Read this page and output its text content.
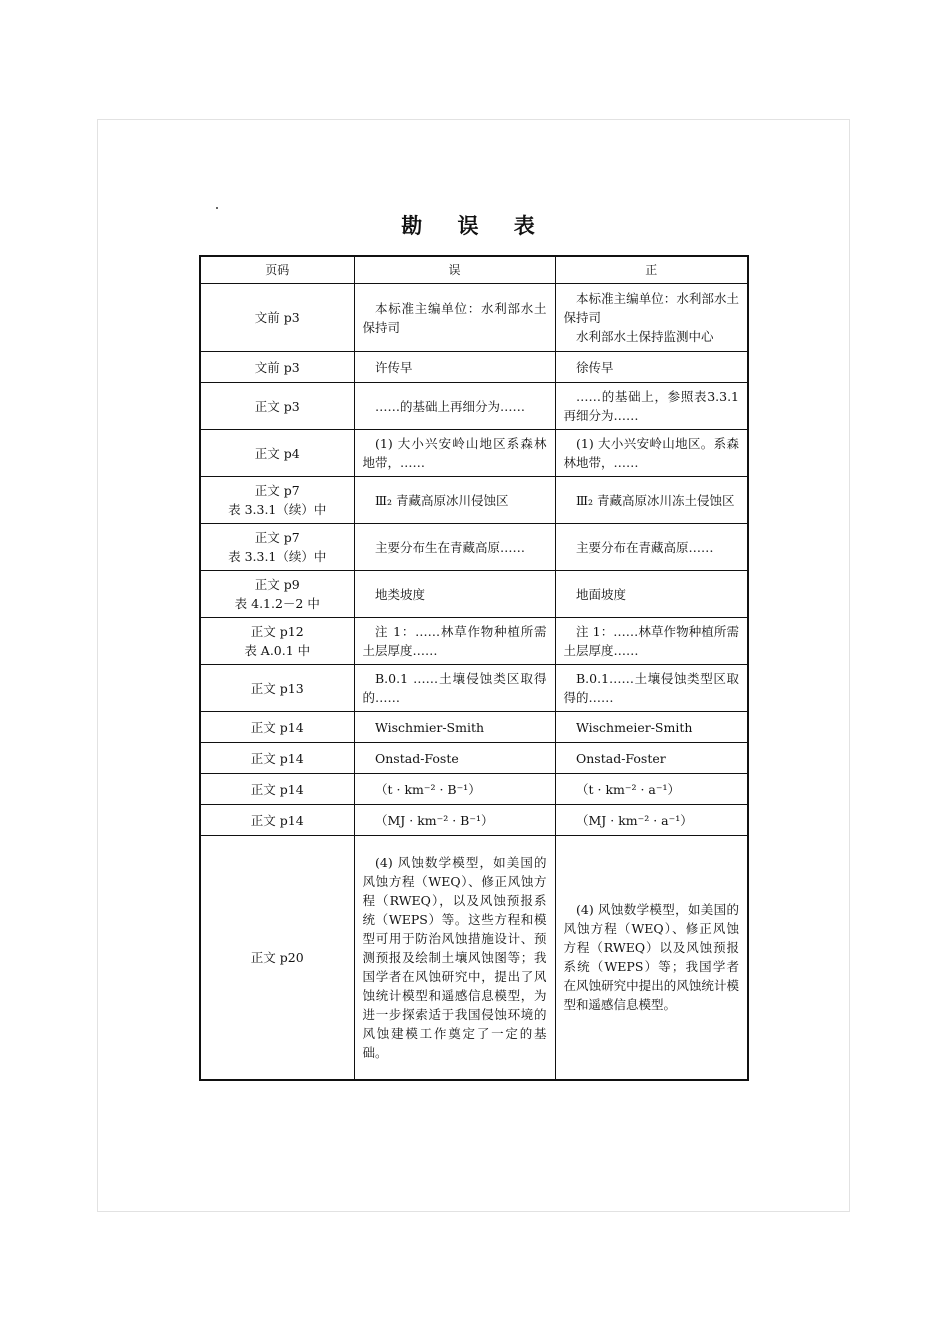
勘 误 表
页码	误	正

文前 p3	本标准主编单位：水利部水土保持司	本标准主编单位：水利部水土保持司
水利部水土保持监测中心

文前 p3	许传早	徐传早

正文 p3	……的基础上再细分为……	……的基础上，参照表3.3.1再细分为……

正文 p4	(1) 大小兴安岭山地区系森林地带，……	(1) 大小兴安岭山地区。系森林地带，……

正文 p7
表 3.3.1（续）中	Ⅲ₂ 青藏高原冰川侵蚀区	Ⅲ₂ 青藏高原冰川冻土侵蚀区

正文 p7
表 3.3.1（续）中	主要分布生在青藏高原……	主要分布在青藏高原……

正文 p9
表 4.1.2－2 中	地类坡度	地面坡度

正文 p12
表 A.0.1 中	注 1：……林草作物种植所需土层厚度……	注 1：……林草作物种植所需土层厚度……

正文 p13	B.0.1 ……土壤侵蚀类区取得的……	B.0.1……土壤侵蚀类型区取得的……

正文 p14	Wischmier-Smith	Wischmeier-Smith

正文 p14	Onstad-Foste	Onstad-Foster

正文 p14	（t · km⁻² · B⁻¹）	（t · km⁻² · a⁻¹）

正文 p14	（MJ · km⁻² · B⁻¹）	（MJ · km⁻² · a⁻¹）

正文 p20	(4) 风蚀数学模型，如美国的风蚀方程（WEQ）、修正风蚀方程（RWEQ），以及风蚀预报系统（WEPS）等。这些方程和模型可用于防治风蚀措施设计、预测预报及绘制土壤风蚀图等；我国学者在风蚀研究中，提出了风蚀统计模型和遥感信息模型，为进一步探索适于我国侵蚀环境的风蚀建模工作奠定了一定的基础。	(4) 风蚀数学模型，如美国的风蚀方程（WEQ）、修正风蚀方程（RWEQ）以及风蚀预报系统（WEPS）等；我国学者在风蚀研究中提出的风蚀统计模型和遥感信息模型。
